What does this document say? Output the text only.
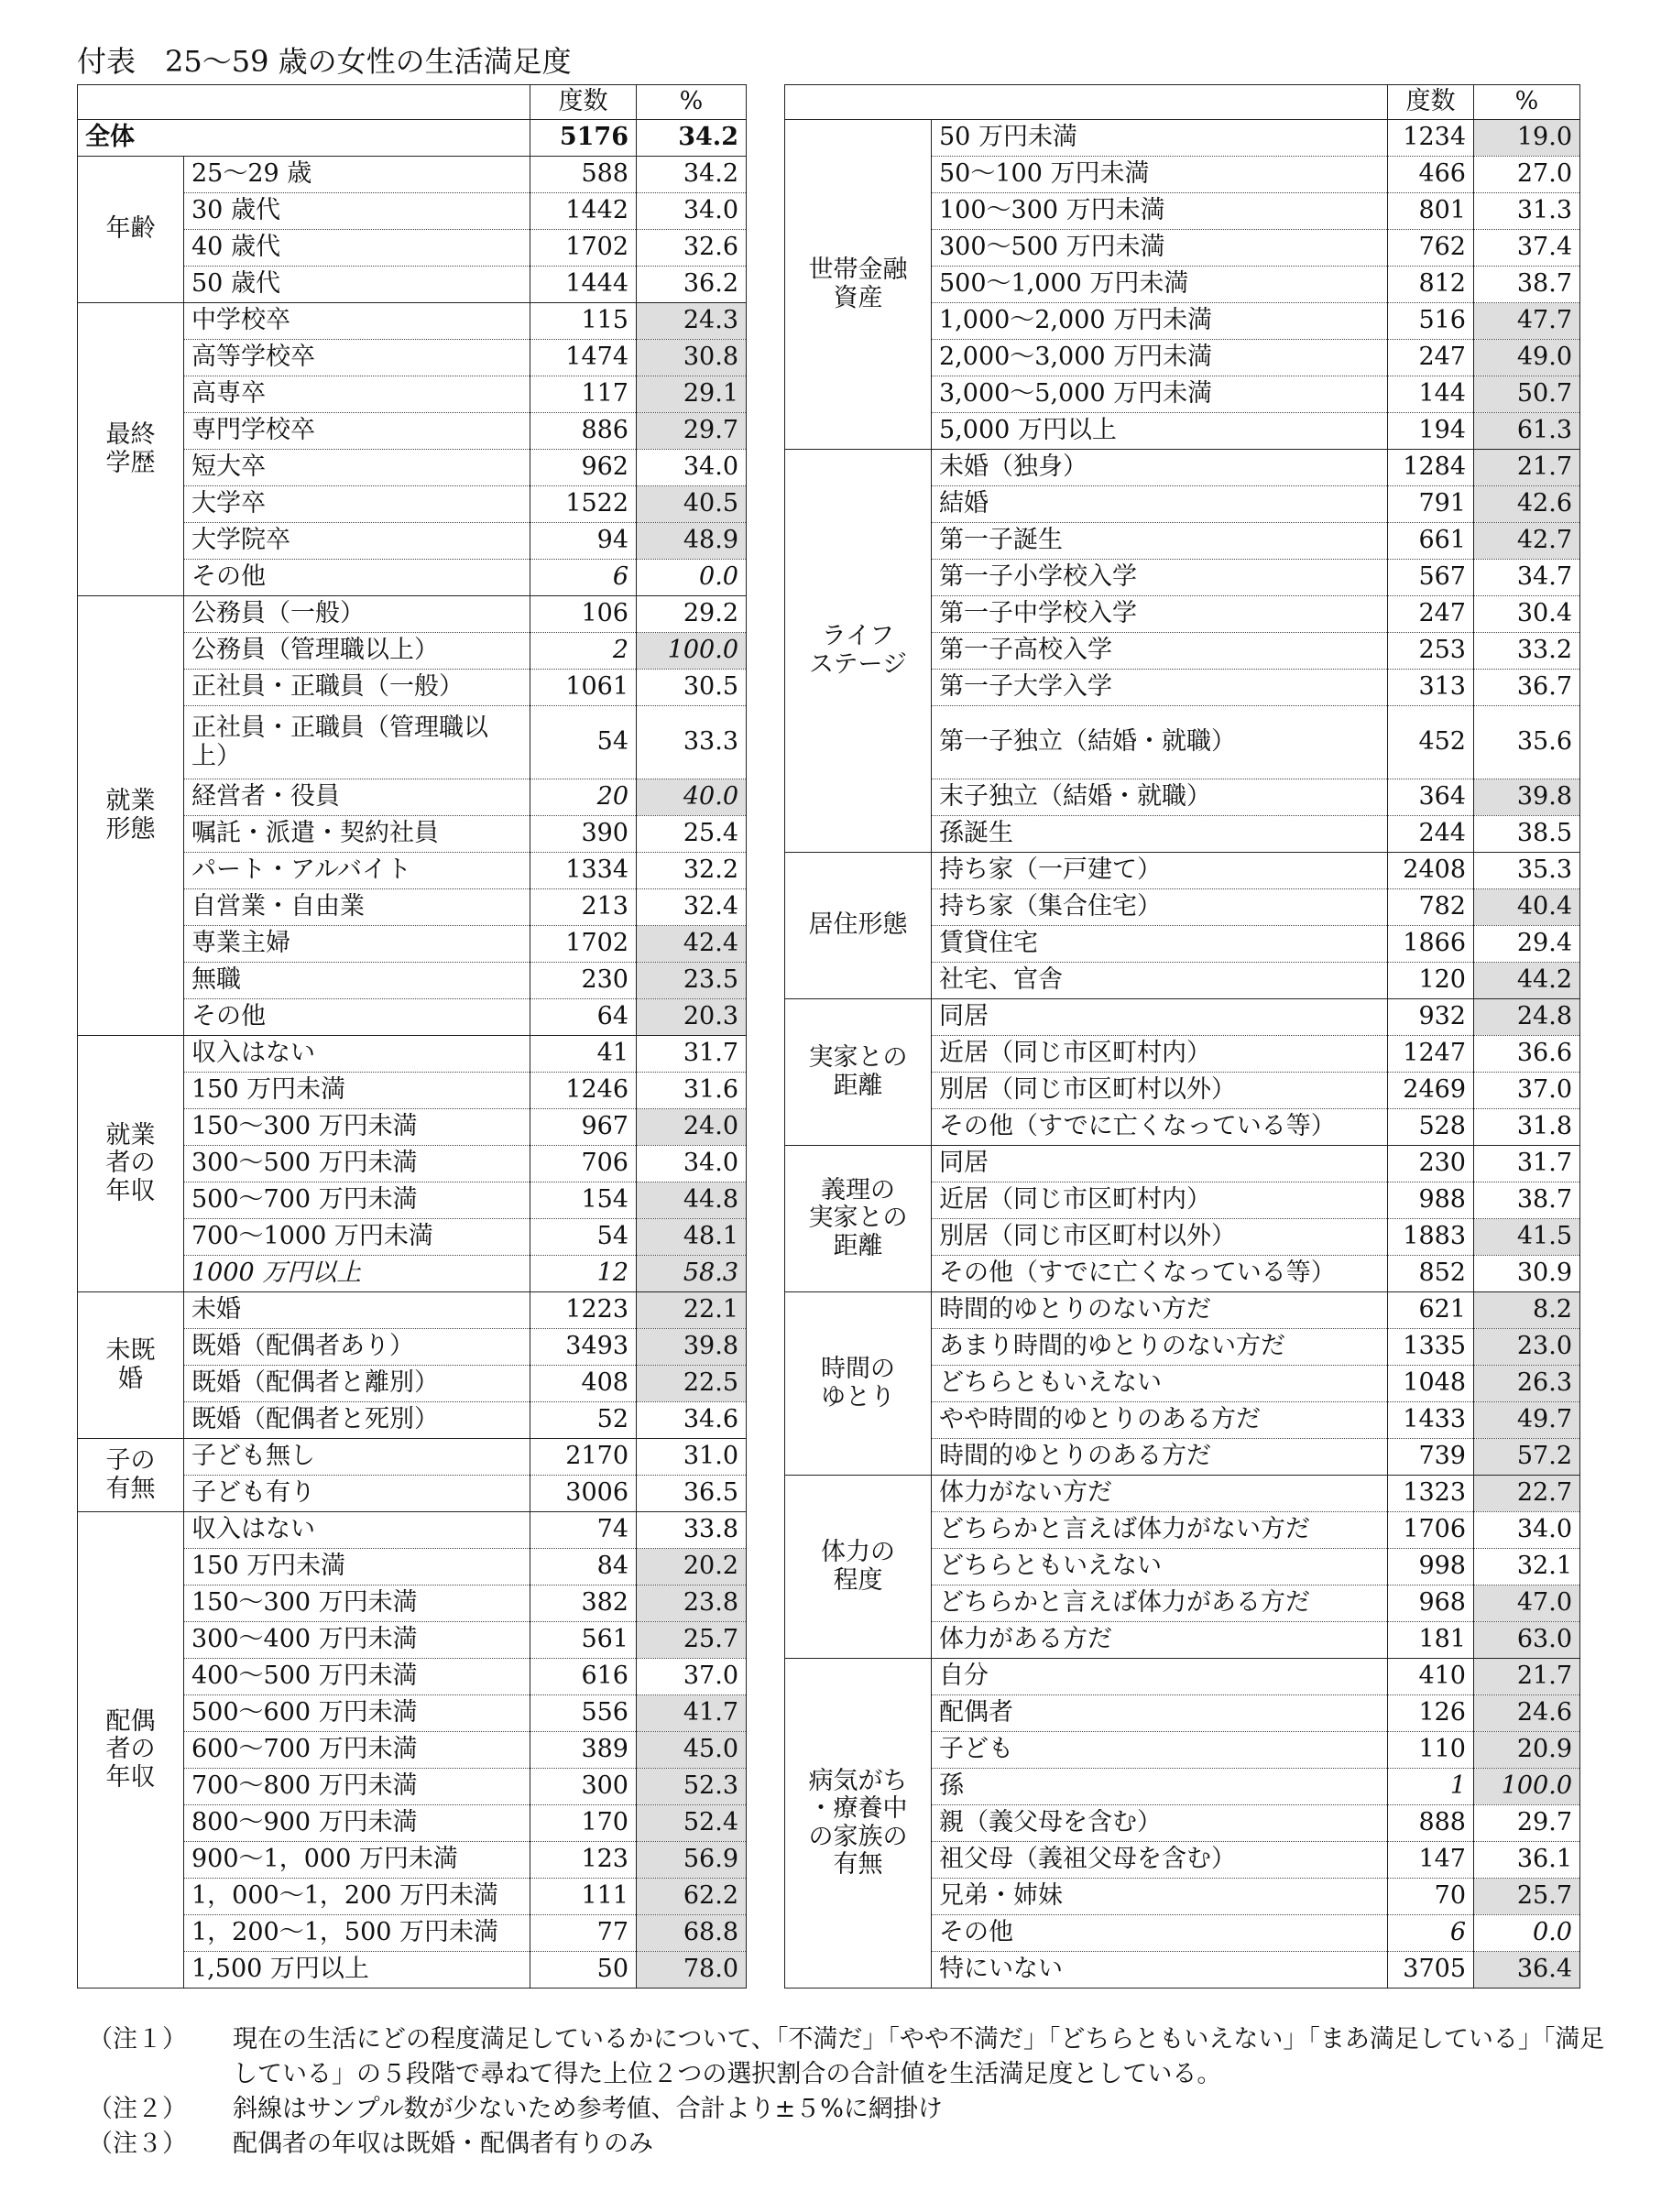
付表　25～59 歳の女性の生活満足度
		度数	%
全体		5176	34.2
年齢	25～29 歳	588	34.2
	30 歳代	1442	34.0
	40 歳代	1702	32.6
	50 歳代	1444	36.2
最終
学歴	中学校卒	115	24.3
	高等学校卒	1474	30.8
	高専卒	117	29.1
	専門学校卒	886	29.7
	短大卒	962	34.0
	大学卒	1522	40.5
	大学院卒	94	48.9
	その他	6	0.0
就業
形態	公務員（一般）	106	29.2
	公務員（管理職以上）	2	100.0
	正社員・正職員（一般）	1061	30.5
	正社員・正職員（管理職以上）	54	33.3
	経営者・役員	20	40.0
	嘱託・派遣・契約社員	390	25.4
	パート・アルバイト	1334	32.2
	自営業・自由業	213	32.4
	専業主婦	1702	42.4
	無職	230	23.5
	その他	64	20.3
就業
者の
年収	収入はない	41	31.7
	150 万円未満	1246	31.6
	150～300 万円未満	967	24.0
	300～500 万円未満	706	34.0
	500～700 万円未満	154	44.8
	700～1000 万円未満	54	48.1
	1000 万円以上	12	58.3
未既
婚	未婚	1223	22.1
	既婚（配偶者あり）	3493	39.8
	既婚（配偶者と離別）	408	22.5
	既婚（配偶者と死別）	52	34.6
子の
有無	子ども無し	2170	31.0
	子ども有り	3006	36.5
配偶
者の
年収	収入はない	74	33.8
	150 万円未満	84	20.2
	150～300 万円未満	382	23.8
	300～400 万円未満	561	25.7
	400～500 万円未満	616	37.0
	500～600 万円未満	556	41.7
	600～700 万円未満	389	45.0
	700～800 万円未満	300	52.3
	800～900 万円未満	170	52.4
	900～1，000 万円未満	123	56.9
	1，000～1，200 万円未満	111	62.2
	1，200～1，500 万円未満	77	68.8
	1,500 万円以上	50	78.0
		度数	%
世帯金融
資産	50 万円未満	1234	19.0
	50～100 万円未満	466	27.0
	100～300 万円未満	801	31.3
	300～500 万円未満	762	37.4
	500～1,000 万円未満	812	38.7
	1,000～2,000 万円未満	516	47.7
	2,000～3,000 万円未満	247	49.0
	3,000～5,000 万円未満	144	50.7
	5,000 万円以上	194	61.3
ライフ
ステージ	未婚（独身）	1284	21.7
	結婚	791	42.6
	第一子誕生	661	42.7
	第一子小学校入学	567	34.7
	第一子中学校入学	247	30.4
	第一子高校入学	253	33.2
	第一子大学入学	313	36.7
	第一子独立（結婚・就職）	452	35.6
	末子独立（結婚・就職）	364	39.8
	孫誕生	244	38.5
居住形態	持ち家（一戸建て）	2408	35.3
	持ち家（集合住宅）	782	40.4
	賃貸住宅	1866	29.4
	社宅、官舎	120	44.2
実家との
距離	同居	932	24.8
	近居（同じ市区町村内）	1247	36.6
	別居（同じ市区町村以外）	2469	37.0
	その他（すでに亡くなっている等）	528	31.8
義理の
実家との
距離	同居	230	31.7
	近居（同じ市区町村内）	988	38.7
	別居（同じ市区町村以外）	1883	41.5
	その他（すでに亡くなっている等）	852	30.9
時間の
ゆとり	時間的ゆとりのない方だ	621	8.2
	あまり時間的ゆとりのない方だ	1335	23.0
	どちらともいえない	1048	26.3
	やや時間的ゆとりのある方だ	1433	49.7
	時間的ゆとりのある方だ	739	57.2
体力の
程度	体力がない方だ	1323	22.7
	どちらかと言えば体力がない方だ	1706	34.0
	どちらともいえない	998	32.1
	どちらかと言えば体力がある方だ	968	47.0
	体力がある方だ	181	63.0
病気がち
・療養中
の家族の
有無	自分	410	21.7
	配偶者	126	24.6
	子ども	110	20.9
	孫	1	100.0
	親（義父母を含む）	888	29.7
	祖父母（義祖父母を含む）	147	36.1
	兄弟・姉妹	70	25.7
	その他	6	0.0
	特にいない	3705	36.4
（注１）	現在の生活にどの程度満足しているかについて、「不満だ」「やや不満だ」「どちらともいえない」「まあ満足している」「満足している」の５段階で尋ねて得た上位２つの選択割合の合計値を生活満足度としている。
（注２）	斜線はサンプル数が少ないため参考値、合計より±５%に網掛け
（注３）	配偶者の年収は既婚・配偶者有りのみ
